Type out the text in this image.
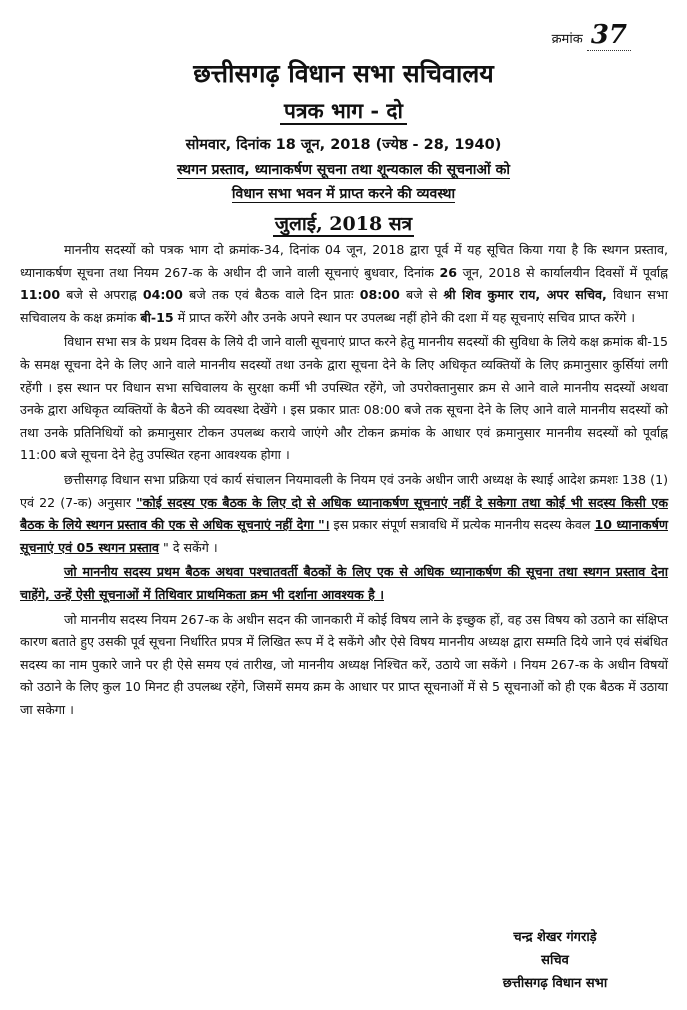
क्रमांक 37
छत्तीसगढ़ विधान सभा सचिवालय
पत्रक भाग - दो
सोमवार, दिनांक 18 जून, 2018 (ज्येष्ठ - 28, 1940)
स्थगन प्रस्ताव, ध्यानाकर्षण सूचना तथा शून्यकाल की सूचनाओं को
विधान सभा भवन में प्राप्त करने की व्यवस्था
जुलाई, 2018 सत्र

माननीय सदस्यों को पत्रक भाग दो क्रमांक-34, दिनांक 04 जून, 2018 द्वारा पूर्व में यह सूचित किया गया है कि स्थगन प्रस्ताव, ध्यानाकर्षण सूचना तथा नियम 267-क के अधीन दी जाने वाली सूचनाएं बुधवार, दिनांक 26 जून, 2018 से कार्यालयीन दिवसों में पूर्वाह्न 11:00 बजे से अपराह्न 04:00 बजे तक एवं बैठक वाले दिन प्रातः 08:00 बजे से श्री शिव कुमार राय, अपर सचिव, विधान सभा सचिवालय के कक्ष क्रमांक बी-15 में प्राप्त करेंगे और उनके अपने स्थान पर उपलब्ध नहीं होने की दशा में यह सूचनाएं सचिव प्राप्त करेंगे ।

विधान सभा सत्र के प्रथम दिवस के लिये दी जाने वाली सूचनाएं प्राप्त करने हेतु माननीय सदस्यों की सुविधा के लिये कक्ष क्रमांक बी-15 के समक्ष सूचना देने के लिए आने वाले माननीय सदस्यों तथा उनके द्वारा सूचना देने के लिए अधिकृत व्यक्तियों के लिए क्रमानुसार कुर्सियां लगी रहेंगी । इस स्थान पर विधान सभा सचिवालय के सुरक्षा कर्मी भी उपस्थित रहेंगे, जो उपरोक्तानुसार क्रम से आने वाले माननीय सदस्यों अथवा उनके द्वारा अधिकृत व्यक्तियों के बैठने की व्यवस्था देखेंगे । इस प्रकार प्रातः 08:00 बजे तक सूचना देने के लिए आने वाले माननीय सदस्यों को तथा उनके प्रतिनिधियों को क्रमानुसार टोकन उपलब्ध कराये जाएंगे और टोकन क्रमांक के आधार एवं क्रमानुसार माननीय सदस्यों को पूर्वाह्न 11:00 बजे सूचना देने हेतु उपस्थित रहना आवश्यक होगा ।

छत्तीसगढ़ विधान सभा प्रक्रिया एवं कार्य संचालन नियमावली के नियम एवं उनके अधीन जारी अध्यक्ष के स्थाई आदेश क्रमशः 138 (1) एवं 22 (7-क) अनुसार "कोई सदस्य एक बैठक के लिए दो से अधिक ध्यानाकर्षण सूचनाएं नहीं दे सकेगा तथा कोई भी सदस्य किसी एक बैठक के लिये स्थगन प्रस्ताव की एक से अधिक सूचनाएं नहीं देगा "। इस प्रकार संपूर्ण सत्रावधि में प्रत्येक माननीय सदस्य केवल 10 ध्यानाकर्षण सूचनाएं एवं 05 स्थगन प्रस्ताव " दे सकेंगे ।

जो माननीय सदस्य प्रथम बैठक अथवा पश्चातवर्ती बैठकों के लिए एक से अधिक ध्यानाकर्षण की सूचना तथा स्थगन प्रस्ताव देना चाहेंगे, उन्हें ऐसी सूचनाओं में तिथिवार प्राथमिकता क्रम भी दर्शाना आवश्यक है ।

जो माननीय सदस्य नियम 267-क के अधीन सदन की जानकारी में कोई विषय लाने के इच्छुक हों, वह उस विषय को उठाने का संक्षिप्त कारण बताते हुए उसकी पूर्व सूचना निर्धारित प्रपत्र में लिखित रूप में दे सकेंगे और ऐसे विषय माननीय अध्यक्ष द्वारा सम्मति दिये जाने एवं संबंधित सदस्य का नाम पुकारे जाने पर ही ऐसे समय एवं तारीख, जो माननीय अध्यक्ष निश्चित करें, उठाये जा सकेंगे । नियम 267-क के अधीन विषयों को उठाने के लिए कुल 10 मिनट ही उपलब्ध रहेंगे, जिसमें समय क्रम के आधार पर प्राप्त सूचनाओं में से 5 सूचनाओं को ही एक बैठक में उठाया जा सकेगा ।

चन्द्र शेखर गंगराड़े
सचिव
छत्तीसगढ़ विधान सभा
